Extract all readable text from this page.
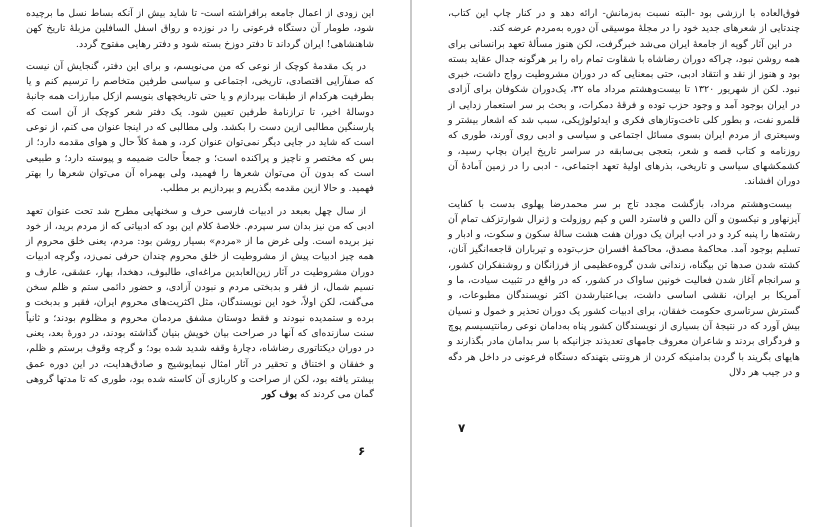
این زودی از اعمال جامعه برافراشته است- تا شاید بیش از آنکه بساط نسل ما برچیده شود، طومار آن دستگاه فرعونی را در نوزده و رواق اسفل السافلین مزبلهٔ تاریخ کهن شاهنشاهی! ایران گرداند تا دفتر دوزخ بسته شود و دفتر رهایی مفتوح گردد.

در یک مقدمهٔ کوچک از نوعی که من می‌نویسم، و برای این دفتر، گنجایش آن نیست که صفآرایی اقتصادی، تاریخی، اجتماعی و سیاسی طرفین متخاصم را ترسیم کنم و یا بطرفیت هرکدام از طبقات بپردازم و یا حتی تاریخچهای بنویسم ازکل مبارزات همه جانبهٔ دوسالهٔ اخیر، تا ترازنامهٔ طرفین تعیین شود. یک دفتر شعر کوچک از آن است که پارسنگین مطالبی ازین دست را بکشد. ولی مطالبی که در اینجا عنوان می کنم، از نوعی است که شاید در جایی دیگر نمی‌توان عنوان کرد، و همهٔ کلاً حال و هوای مقدمه دارد؛ از بس که مختصر و ناچیز و پراکنده است؛ و جمعاً حالت ضمیمه و پیوسته دارد؛ و طبیعی است که بدون آن می‌توان شعرها را فهمید، ولی بهمراه آن می‌توان شعرها را بهتر فهمید. و حالا ازین مقدمه بگذریم و بپردازیم بر مطلب.

از سال چهل بعبعد در ادبیات فارسی حرف و سخنهایی مطرح شد تحت عنوان تعهد ادبی که من نیز بدان سر سپردم. خلاصهٔ کلام این بود که ادبیاتی که از مردم برید، از خود نیز بریده است. ولی غرض ما از «مردم» بسیار روشن بود: مردم، یعنی خلق محروم از همه چیز ادبیات پیش از مشروطیت از خلق محروم چندان حرفی نمی‌زد، وگرچه ادبیات دوران مشروطیت در آثار زین‌العابدین مراغه‌ای، طالبوف، دهخدا، بهار، عشقی، عارف و نسیم شمال، از فقر و بدبختی مردم و نبودن آزادی، و حضور دائمی ستم و ظلم سخن می‌گفت، لکن اولاً، خود این نویسندگان، مثل اکثریت‌های محروم ایران، فقیر و بدبخت و برده و ستمدیده نبودند و فقط دوستان مشفق مردمان محروم و مظلوم بودند؛ و ثانیاً سنت سازنده‌ای که آنها در صراحت بیان خویش بنیان گذاشته بودند، در دورهٔ بعد، یعنی در دوران دیکتاتوری رضاشاه، دچارهٔ وقفه شدید شده بود؛ و گرچه وقوف برستم و ظلم، و خفقان و اختناق و تحقیر در آثار امثال نیمایوشیج و صادق‌هدایت، در این دوره عمق بیشتر یافته بود، لکن از صراحت و کاربازی آن کاسته شده بود، طوری که تا مدتها گروهی گمان می کردند که بوف کور

۶

فوق‌العاده با ارزشی بود -البته نسبت به‌زمانش- ارائه دهد و در کنار چاپ این کتاب، چندتایی از شعرهای جدید خود را در مجلهٔ موسیقی آن دوره به‌مردم عرضه کند.

در این آثار گویه از جامعهٔ ایران می‌شد خبرگرفت، لکن هنوز مسألهٔ تعهد برانسانی برای همه روشن نبود، چراکه دوران رضاشاه با شقاوت تمام راه را بر هرگونه جدال عقاید بسته بود و هنوز از نقد و انتقاد ادبی، حتی بمعنایی که در دوران مشروطیت رواج داشت، خبری نبود. لکن از شهریور ۱۳۲۰ تا بیست‌وهشتم مرداد ماه ۳۲، یک‌دوران شکوفان برای آزادی در ایران بوجود آمد و وجود حزب توده و فرقهٔ دمکرات، و بحث بر سر استعمار زدایی از قلمرو نفت، و بطور کلی تاخت‌وتازهای فکری و ایدئولوژیکی، سبب شد که اشعار بیشتر و وسیعتری از مردم ایران بسوی مسائل اجتماعی و سیاسی و ادبی روی آورند، طوری که روزنامه و کتاب قصه و شعر، بتعجی بی‌سابقه در سراسر تاریخ ایران بچاپ رسید، و کشمکشهای سیاسی و تاریخی، بذرهای اولیهٔ تعهد اجتماعی، - ادبی را در زمین آمادهٔ آن دوران افشاند.

بیست‌وهشتم مرداد، بازگشت مجدد تاج بر سر محمدرضا پهلوی بدست با کفایت آیزنهاور و نیکسون و آلن دالس و فاسترد الس و کیم روزولت و ژنرال شوارتزکف تمام آن رشته‌ها را پنبه کرد و در ادب ایران یک دوران هفت هشت سالهٔ سکون و سکوت، و ادبار و تسلیم بوجود آمد. محاکمهٔ مصدق، محاکمهٔ افسران حزب‌توده و تیرباران قاجعه‌انگیز آنان، کشته شدن صدها تن بیگناه، زندانی شدن گروه‌عظیمی از فرزانگان و روشنفکران کشور، و سرانجام آغاز شدن فعالیت خونین ساواک در کشور، که در واقع در تثبیت سیادت، ما و آمریکا بر ایران، نقشی اساسی داشت، بی‌اعتبارشدن اکثر نویسندگان مطبوعات، و گسترش سرتاسری حکومت خفقان، برای ادبیات کشور یک دوران تحذیر و خمول و نسیان بیش آورد که در نتیجهٔ آن بسیاری از نویسندگان کشور پناه به‌دامان نوعی رمانتیسیسم پوچ و فردگرای بردند و شاعران معروف جامهای تعدیذند جزانیکه با سر بدامان مادر بگذارند و هایهای بگریند با گردن بدامنیکه کردن از هرونتی بتهندکه دستگاه فرعونی در داخل هر دگه و در جیب هر دلال

۷
